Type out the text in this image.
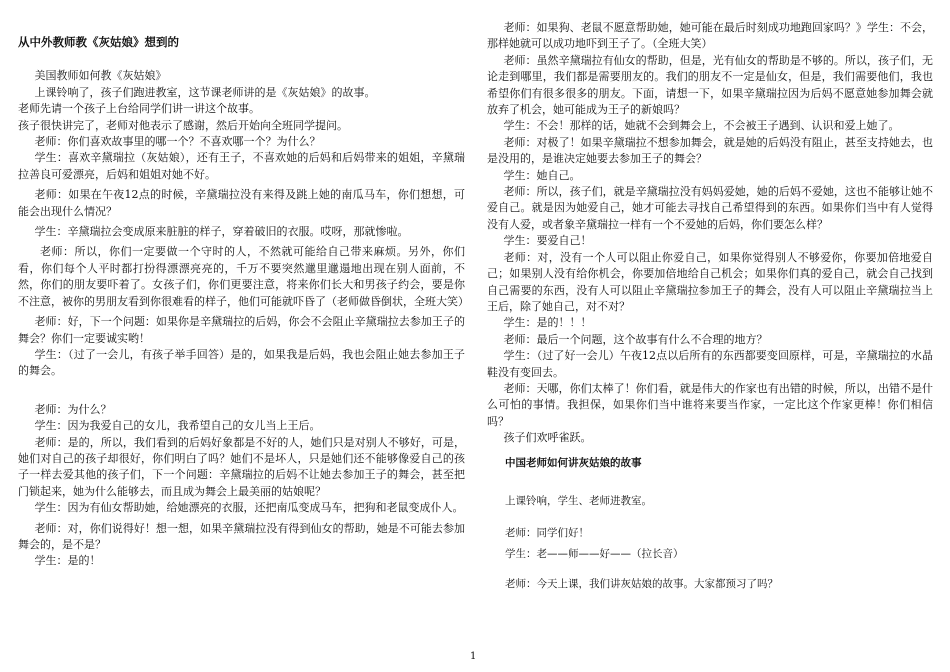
从中外教师教《灰姑娘》想到的

美国教师如何教《灰姑娘》

上课铃响了，孩子们跑进教室，这节课老师讲的是《灰姑娘》的故事。

老师先请一个孩子上台给同学们讲一讲这个故事。

孩子很快讲完了，老师对他表示了感谢，然后开始向全班同学提问。

老师：你们喜欢故事里的哪一个？不喜欢哪一个？为什么？

学生：喜欢辛黛瑞拉（灰姑娘），还有王子，不喜欢她的后妈和后妈带来的姐姐，辛黛瑞拉善良可爱漂亮，后妈和姐姐对她不好。

老师：如果在午夜12点的时候，辛黛瑞拉没有来得及跳上她的南瓜马车，你们想想，可能会出现什么情况？

学生：辛黛瑞拉会变成原来脏脏的样子，穿着破旧的衣服。哎呀，那就惨啦。

老师：所以，你们一定要做一个守时的人，不然就可能给自己带来麻烦。另外，你们看，你们每个人平时都打扮得漂漂亮亮的，千万不要突然邋里邋遢地出现在别人面前，不然，你们的朋友要吓着了。女孩子们，你们更要注意，将来你们长大和男孩子约会，要是你不注意，被你的男朋友看到你很难看的样子，他们可能就吓昏了（老师做昏倒状，全班大笑）

老师：好，下一个问题：如果你是辛黛瑞拉的后妈，你会不会阻止辛黛瑞拉去参加王子的舞会？你们一定要诚实哟！

学生：（过了一会儿，有孩子举手回答）是的，如果我是后妈，我也会阻止她去参加王子的舞会。

老师：为什么？

学生：因为我爱自己的女儿，我希望自己的女儿当上王后。

老师：是的，所以，我们看到的后妈好象都是不好的人，她们只是对别人不够好，可是，她们对自己的孩子却很好，你们明白了吗？她们不是坏人，只是她们还不能够像爱自己的孩子一样去爱其他的孩子们，下一个问题：辛黛瑞拉的后妈不让她去参加王子的舞会，甚至把门锁起来，她为什么能够去，而且成为舞会上最美丽的姑娘呢？

学生：因为有仙女帮助她，给她漂亮的衣服，还把南瓜变成马车，把狗和老鼠变成仆人。

老师：对，你们说得好！想一想，如果辛黛瑞拉没有得到仙女的帮助，她是不可能去参加舞会的，是不是？

学生：是的！

老师：如果狗、老鼠不愿意帮助她，她可能在最后时刻成功地跑回家吗？》学生：不会，那样她就可以成功地吓到王子了。（全班大笑）

老师：虽然辛黛瑞拉有仙女的帮助，但是，光有仙女的帮助是不够的。所以，孩子们，无论走到哪里，我们都是需要朋友的。我们的朋友不一定是仙女，但是，我们需要他们，我也希望你们有很多很多的朋友。下面，请想一下，如果辛黛瑞拉因为后妈不愿意她参加舞会就放弃了机会，她可能成为王子的新娘吗？

学生：不会！那样的话，她就不会到舞会上，不会被王子遇到、认识和爱上她了。

老师：对极了！如果辛黛瑞拉不想参加舞会，就是她的后妈没有阻止，甚至支持她去，也是没用的，是谁决定她要去参加王子的舞会？

学生：她自己。

老师：所以，孩子们，就是辛黛瑞拉没有妈妈爱她，她的后妈不爱她，这也不能够让她不爱自己。就是因为她爱自己，她才可能去寻找自己希望得到的东西。如果你们当中有人觉得没有人爱，或者象辛黛瑞拉一样有一个不爱她的后妈，你们要怎么样？

学生：要爱自己！

老师：对，没有一个人可以阻止你爱自己，如果你觉得别人不够爱你，你要加倍地爱自己；如果别人没有给你机会，你要加倍地给自己机会；如果你们真的爱自己，就会自己找到自己需要的东西，没有人可以阻止辛黛瑞拉参加王子的舞会，没有人可以阻止辛黛瑞拉当上王后，除了她自己，对不对？

学生：是的！！！

老师：最后一个问题，这个故事有什么不合理的地方？

学生：（过了好一会儿）午夜12点以后所有的东西都要变回原样，可是，辛黛瑞拉的水晶鞋没有变回去。

老师：天哪，你们太棒了！你们看，就是伟大的作家也有出错的时候，所以，出错不是什么可怕的事情。我担保，如果你们当中谁将来要当作家，一定比这个作家更棒！你们相信吗？

孩子们欢呼雀跃。

中国老师如何讲灰姑娘的故事

上课铃响，学生、老师进教室。

老师：同学们好！

学生：老——师——好——（拉长音）

老师：今天上课，我们讲灰姑娘的故事。大家都预习了吗？

1
